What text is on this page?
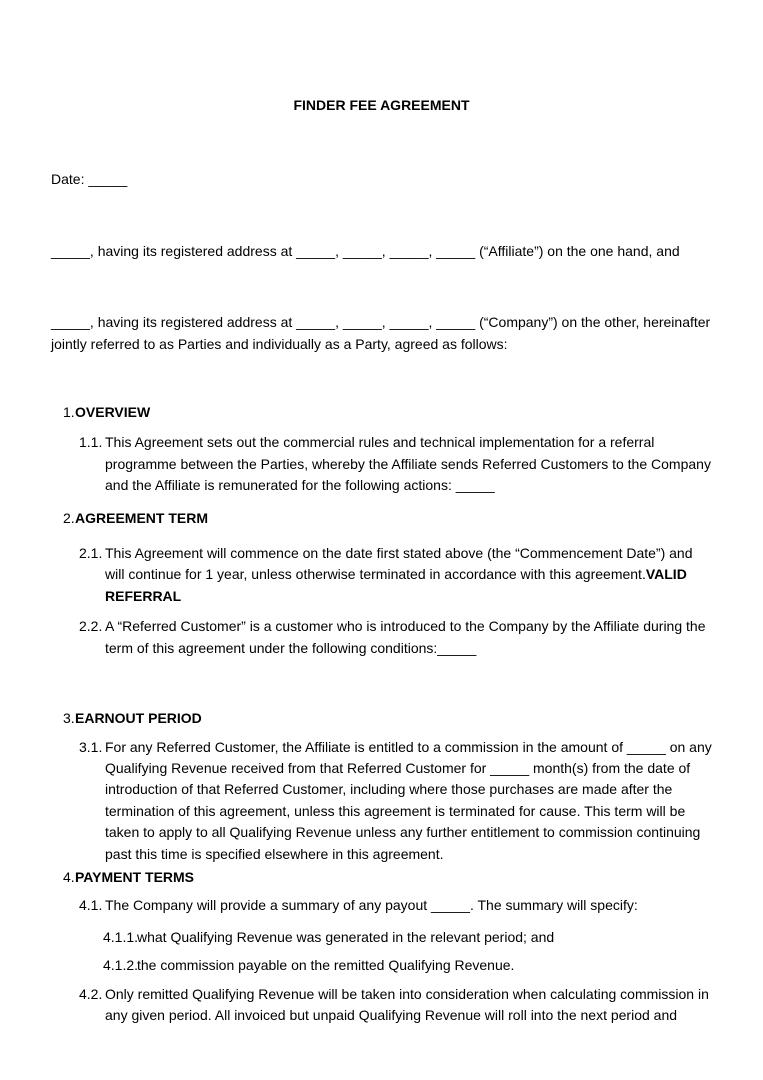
FINDER FEE AGREEMENT

Date: _____

_____, having its registered address at _____, _____, _____, _____ (“Affiliate”) on the one hand, and

_____, having its registered address at _____, _____, _____, _____ (“Company”) on the other, hereinafter jointly referred to as Parties and individually as a Party, agreed as follows:

1. OVERVIEW
1.1. This Agreement sets out the commercial rules and technical implementation for a referral programme between the Parties, whereby the Affiliate sends Referred Customers to the Company and the Affiliate is remunerated for the following actions: _____
2. AGREEMENT TERM
2.1. This Agreement will commence on the date first stated above (the “Commencement Date”) and will continue for 1 year, unless otherwise terminated in accordance with this agreement.VALID REFERRAL
2.2. A “Referred Customer” is a customer who is introduced to the Company by the Affiliate during the term of this agreement under the following conditions:_____
3. EARNOUT PERIOD
3.1. For any Referred Customer, the Affiliate is entitled to a commission in the amount of _____ on any Qualifying Revenue received from that Referred Customer for _____ month(s) from the date of introduction of that Referred Customer, including where those purchases are made after the termination of this agreement, unless this agreement is terminated for cause. This term will be taken to apply to all Qualifying Revenue unless any further entitlement to commission continuing past this time is specified elsewhere in this agreement.
4. PAYMENT TERMS
4.1. The Company will provide a summary of any payout _____. The summary will specify:
4.1.1.
what Qualifying Revenue was generated in the relevant period; and
4.1.2.
the commission payable on the remitted Qualifying Revenue.
4.2. Only remitted Qualifying Revenue will be taken into consideration when calculating commission in any given period. All invoiced but unpaid Qualifying Revenue will roll into the next period and
